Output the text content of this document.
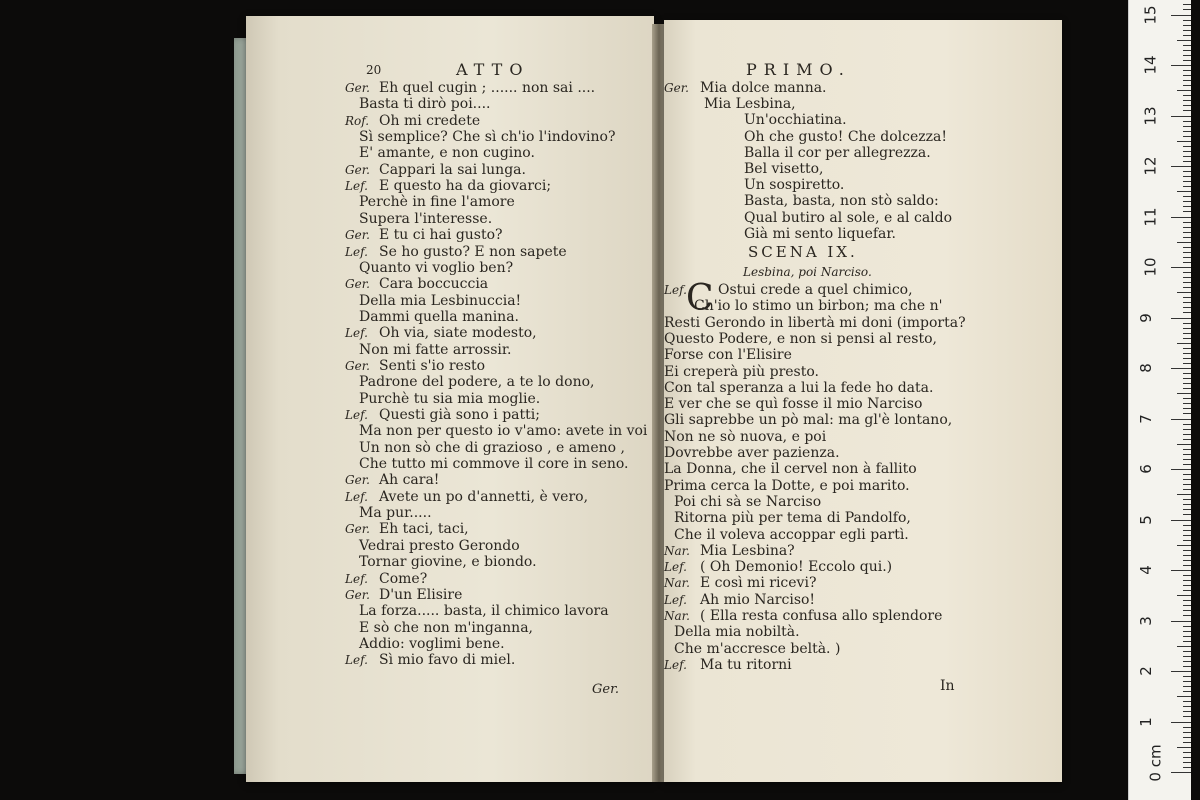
20	ATTO
Ger. Eh quel cugin ; ...... non sai ....
Basta ti dirò poi....
Rof. Oh mi credete
Sì semplice? Che sì ch'io l'indovino?
E' amante, e non cugino.
Ger. Cappari la sai lunga.
Lef. E questo ha da giovarci;
Perchè in fine l'amore
Supera l'interesse.
Ger. E tu ci hai gusto?
Lef. Se ho gusto? E non sapete
Quanto vi voglio ben?
Ger. Cara boccuccia
Della mia Lesbinuccia!
Dammi quella manina.
Lef. Oh via, siate modesto,
Non mi fatte arrossir.
Ger. Senti s'io resto
Padrone del podere, a te lo dono,
Purchè tu sia mia moglie.
Lef. Questi già sono i patti;
Ma non per questo io v'amo: avete in voi
Un non sò che di grazioso , e ameno ,
Che tutto mi commove il core in seno.
Ger. Ah cara!
Lef. Avete un po d'annetti, è vero,
Ma pur.....
Ger. Eh taci, taci,
Vedrai presto Gerondo
Tornar giovine, e biondo.
Lef. Come?
Ger. D'un Elisire
La forza..... basta, il chimico lavora
E sò che non m'inganna,
Addio: voglimi bene.
Lef. Sì mio favo di miel.
Ger.
PRIMO.
Ger. Mia dolce manna.
Mia Lesbina,
Un'occhiatina.
Oh che gusto! Che dolcezza!
Balla il cor per allegrezza.
Bel visetto,
Un sospiretto.
Basta, basta, non stò saldo:
Qual butiro al sole, e al caldo
Già mi sento liquefar.
SCENA IX.
Lesbina, poi Narciso.
C
Lef. Ostui crede a quel chimico,
Ch'io lo stimo un birbon; ma che n'
Resti Gerondo in libertà mi doni (importa?
Questo Podere, e non si pensi al resto,
Forse con l'Elisire
Ei creperà più presto.
Con tal speranza a lui la fede ho data.
E ver che se quì fosse il mio Narciso
Gli saprebbe un pò mal: ma gl'è lontano,
Non ne sò nuova, e poi
Dovrebbe aver pazienza.
La Donna, che il cervel non à fallito
Prima cerca la Dotte, e poi marito.
Poi chi sà se Narciso
Ritorna più per tema di Pandolfo,
Che il voleva accoppar egli partì.
Nar. Mia Lesbina?
Lef. ( Oh Demonio! Eccolo qui.)
Nar. E così mi ricevi?
Lef. Ah mio Narciso!
Nar. ( Ella resta confusa allo splendore
Della mia nobiltà.
Che m'accresce beltà. )
Lef. Ma tu ritorni
In
0 cm
1
2
3
4
5
6
7
8
9
10
11
12
13
14
15
